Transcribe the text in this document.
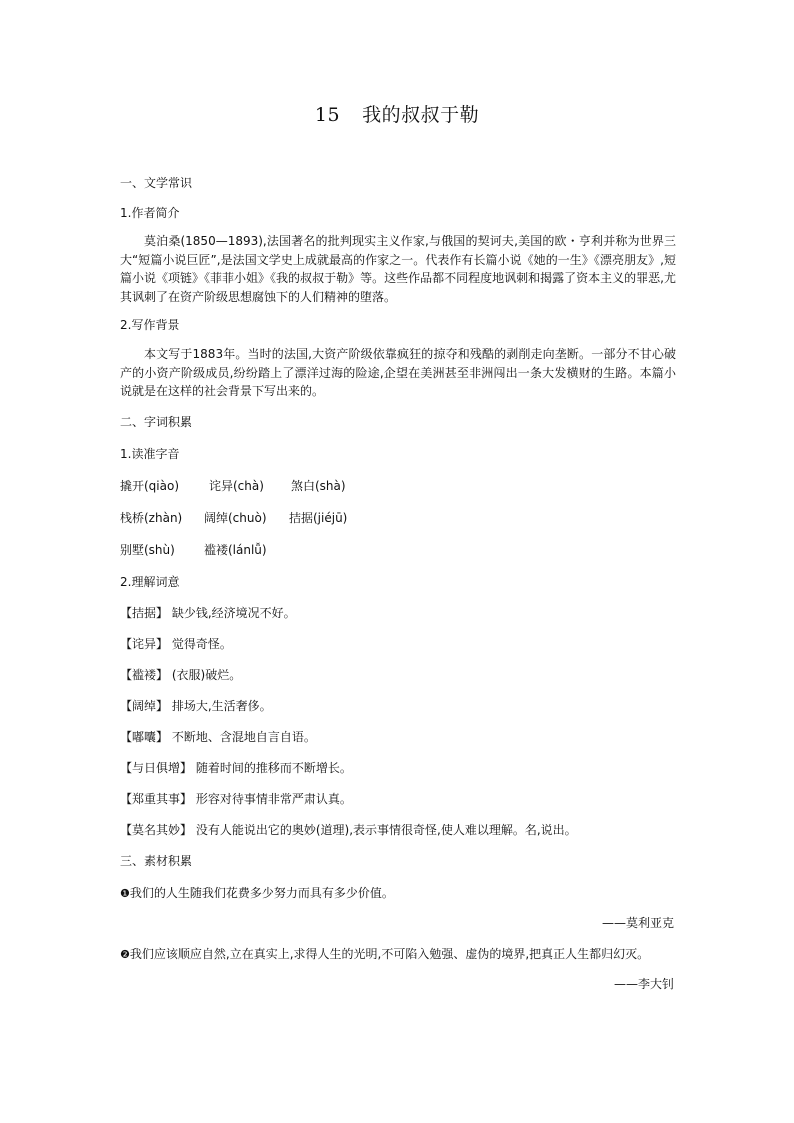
15 我的叔叔于勒
一、文学常识
1.作者简介
莫泊桑(1850—1893),法国著名的批判现实主义作家,与俄国的契诃夫,美国的欧・亨利并称为世界三大“短篇小说巨匠”,是法国文学史上成就最高的作家之一。代表作有长篇小说《她的一生》《漂亮朋友》,短篇小说《项链》《菲菲小姐》《我的叔叔于勒》等。这些作品都不同程度地讽刺和揭露了资本主义的罪恶,尤其讽刺了在资产阶级思想腐蚀下的人们精神的堕落。
2.写作背景
本文写于1883年。当时的法国,大资产阶级依靠疯狂的掠夺和残酷的剥削走向垄断。一部分不甘心破产的小资产阶级成员,纷纷踏上了漂洋过海的险途,企望在美洲甚至非洲闯出一条大发横财的生路。本篇小说就是在这样的社会背景下写出来的。
二、字词积累
1.读准字音
撬开(qiào) 诧异(chà) 煞白(shà)
栈桥(zhàn) 阔绰(chuò) 拮据(jiéjū)
别墅(shù) 褴褛(lánlǚ)
2.理解词意
【拮据】 缺少钱,经济境况不好。
【诧异】 觉得奇怪。
【褴褛】 (衣服)破烂。
【阔绰】 排场大,生活奢侈。
【嘟囔】 不断地、含混地自言自语。
【与日俱增】 随着时间的推移而不断增长。
【郑重其事】 形容对待事情非常严肃认真。
【莫名其妙】 没有人能说出它的奥妙(道理),表示事情很奇怪,使人难以理解。名,说出。
三、素材积累
❶我们的人生随我们花费多少努力而具有多少价值。
——莫利亚克
❷我们应该顺应自然,立在真实上,求得人生的光明,不可陷入勉强、虚伪的境界,把真正人生都归幻灭。
——李大钊
